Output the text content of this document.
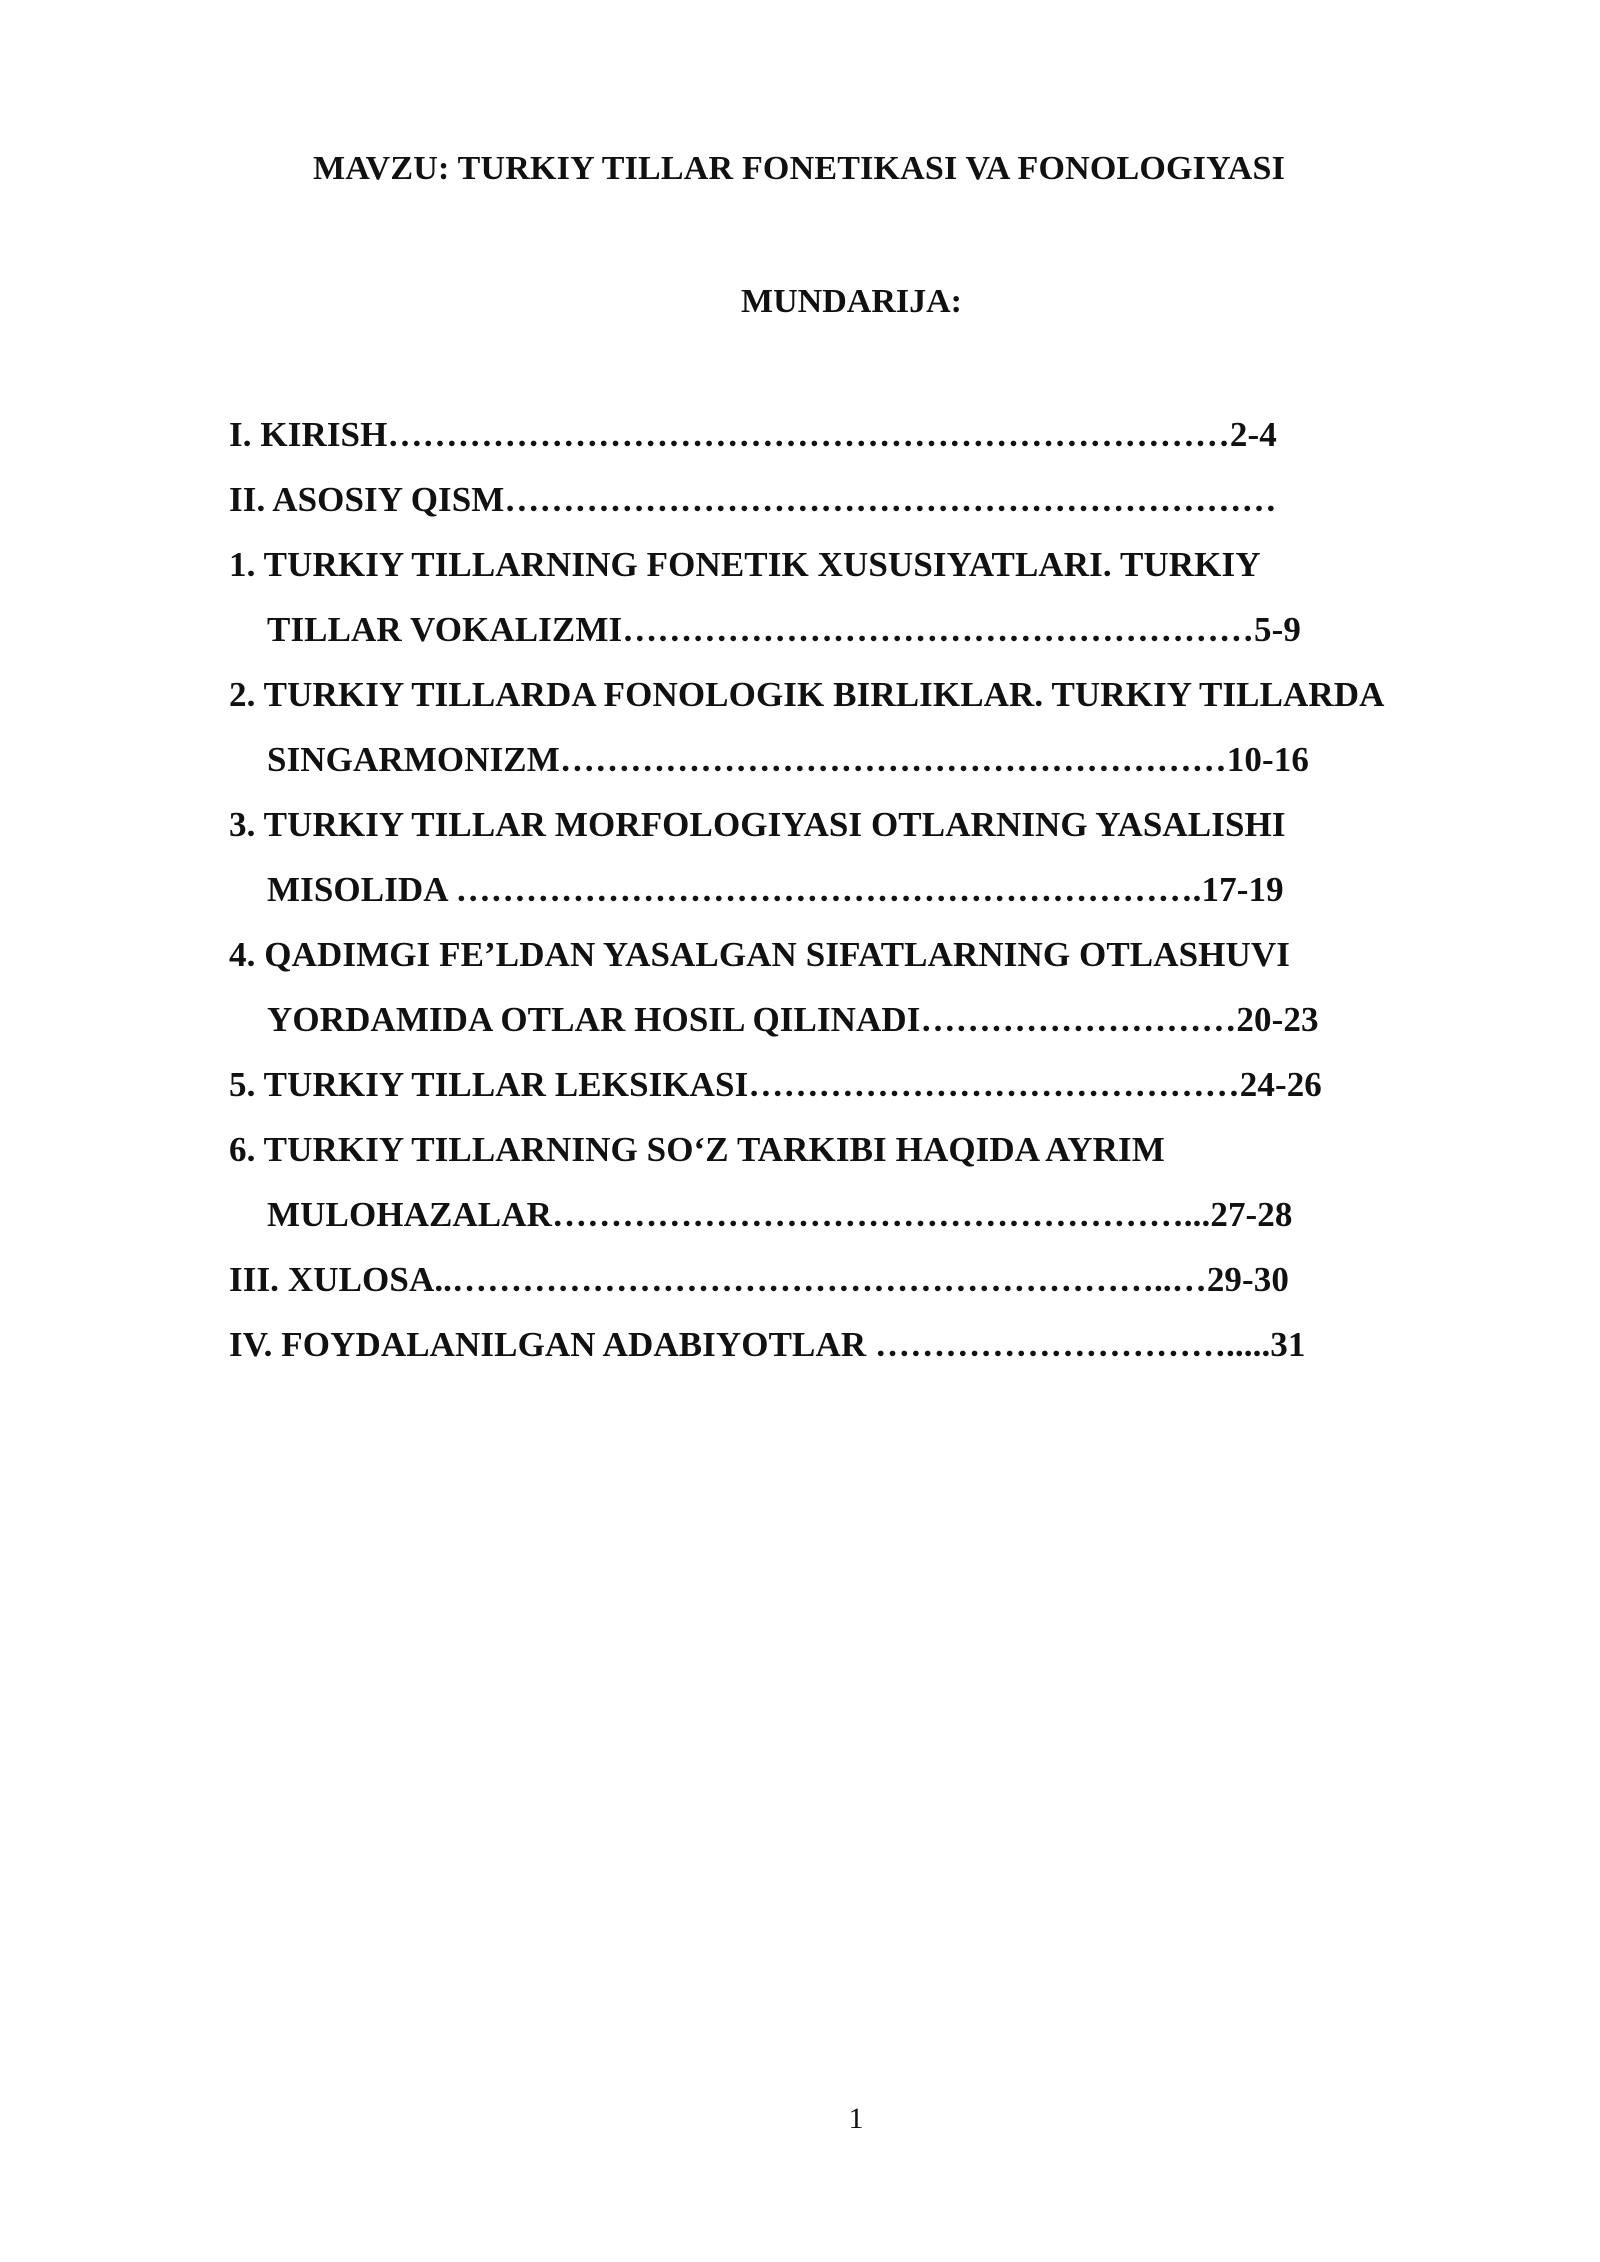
MAVZU: TURKIY TILLAR FONETIKASI VA FONOLOGIYASI
MUNDARIJA:
I. KIRISH………………………………………………………………2-4
II. ASOSIY QISM…………………………………………………………
1. TURKIY TILLARNING FONETIK XUSUSIYATLARI. TURKIY
TILLAR VOKALIZMI………………………………………………5-9
2. TURKIY TILLARDA FONOLOGIK BIRLIKLAR. TURKIY TILLARDA
SINGARMONIZM…………………………………………………10-16
3. TURKIY TILLAR MORFOLOGIYASI OTLARNING YASALISHI
MISOLIDA ……………………………………………………….17-19
4. QADIMGI FE’LDAN YASALGAN SIFATLARNING OTLASHUVI
YORDAMIDA OTLAR HOSIL QILINADI………………………20-23
5. TURKIY TILLAR LEKSIKASI……………………………………24-26
6. TURKIY TILLARNING SO‘Z TARKIBI HAQIDA AYRIM
MULOHAZALAR………………………………………………...27-28
III. XULOSA..……………………………………………………..…29-30
IV. FOYDALANILGAN ADABIYOTLAR ………………………….....31
1
